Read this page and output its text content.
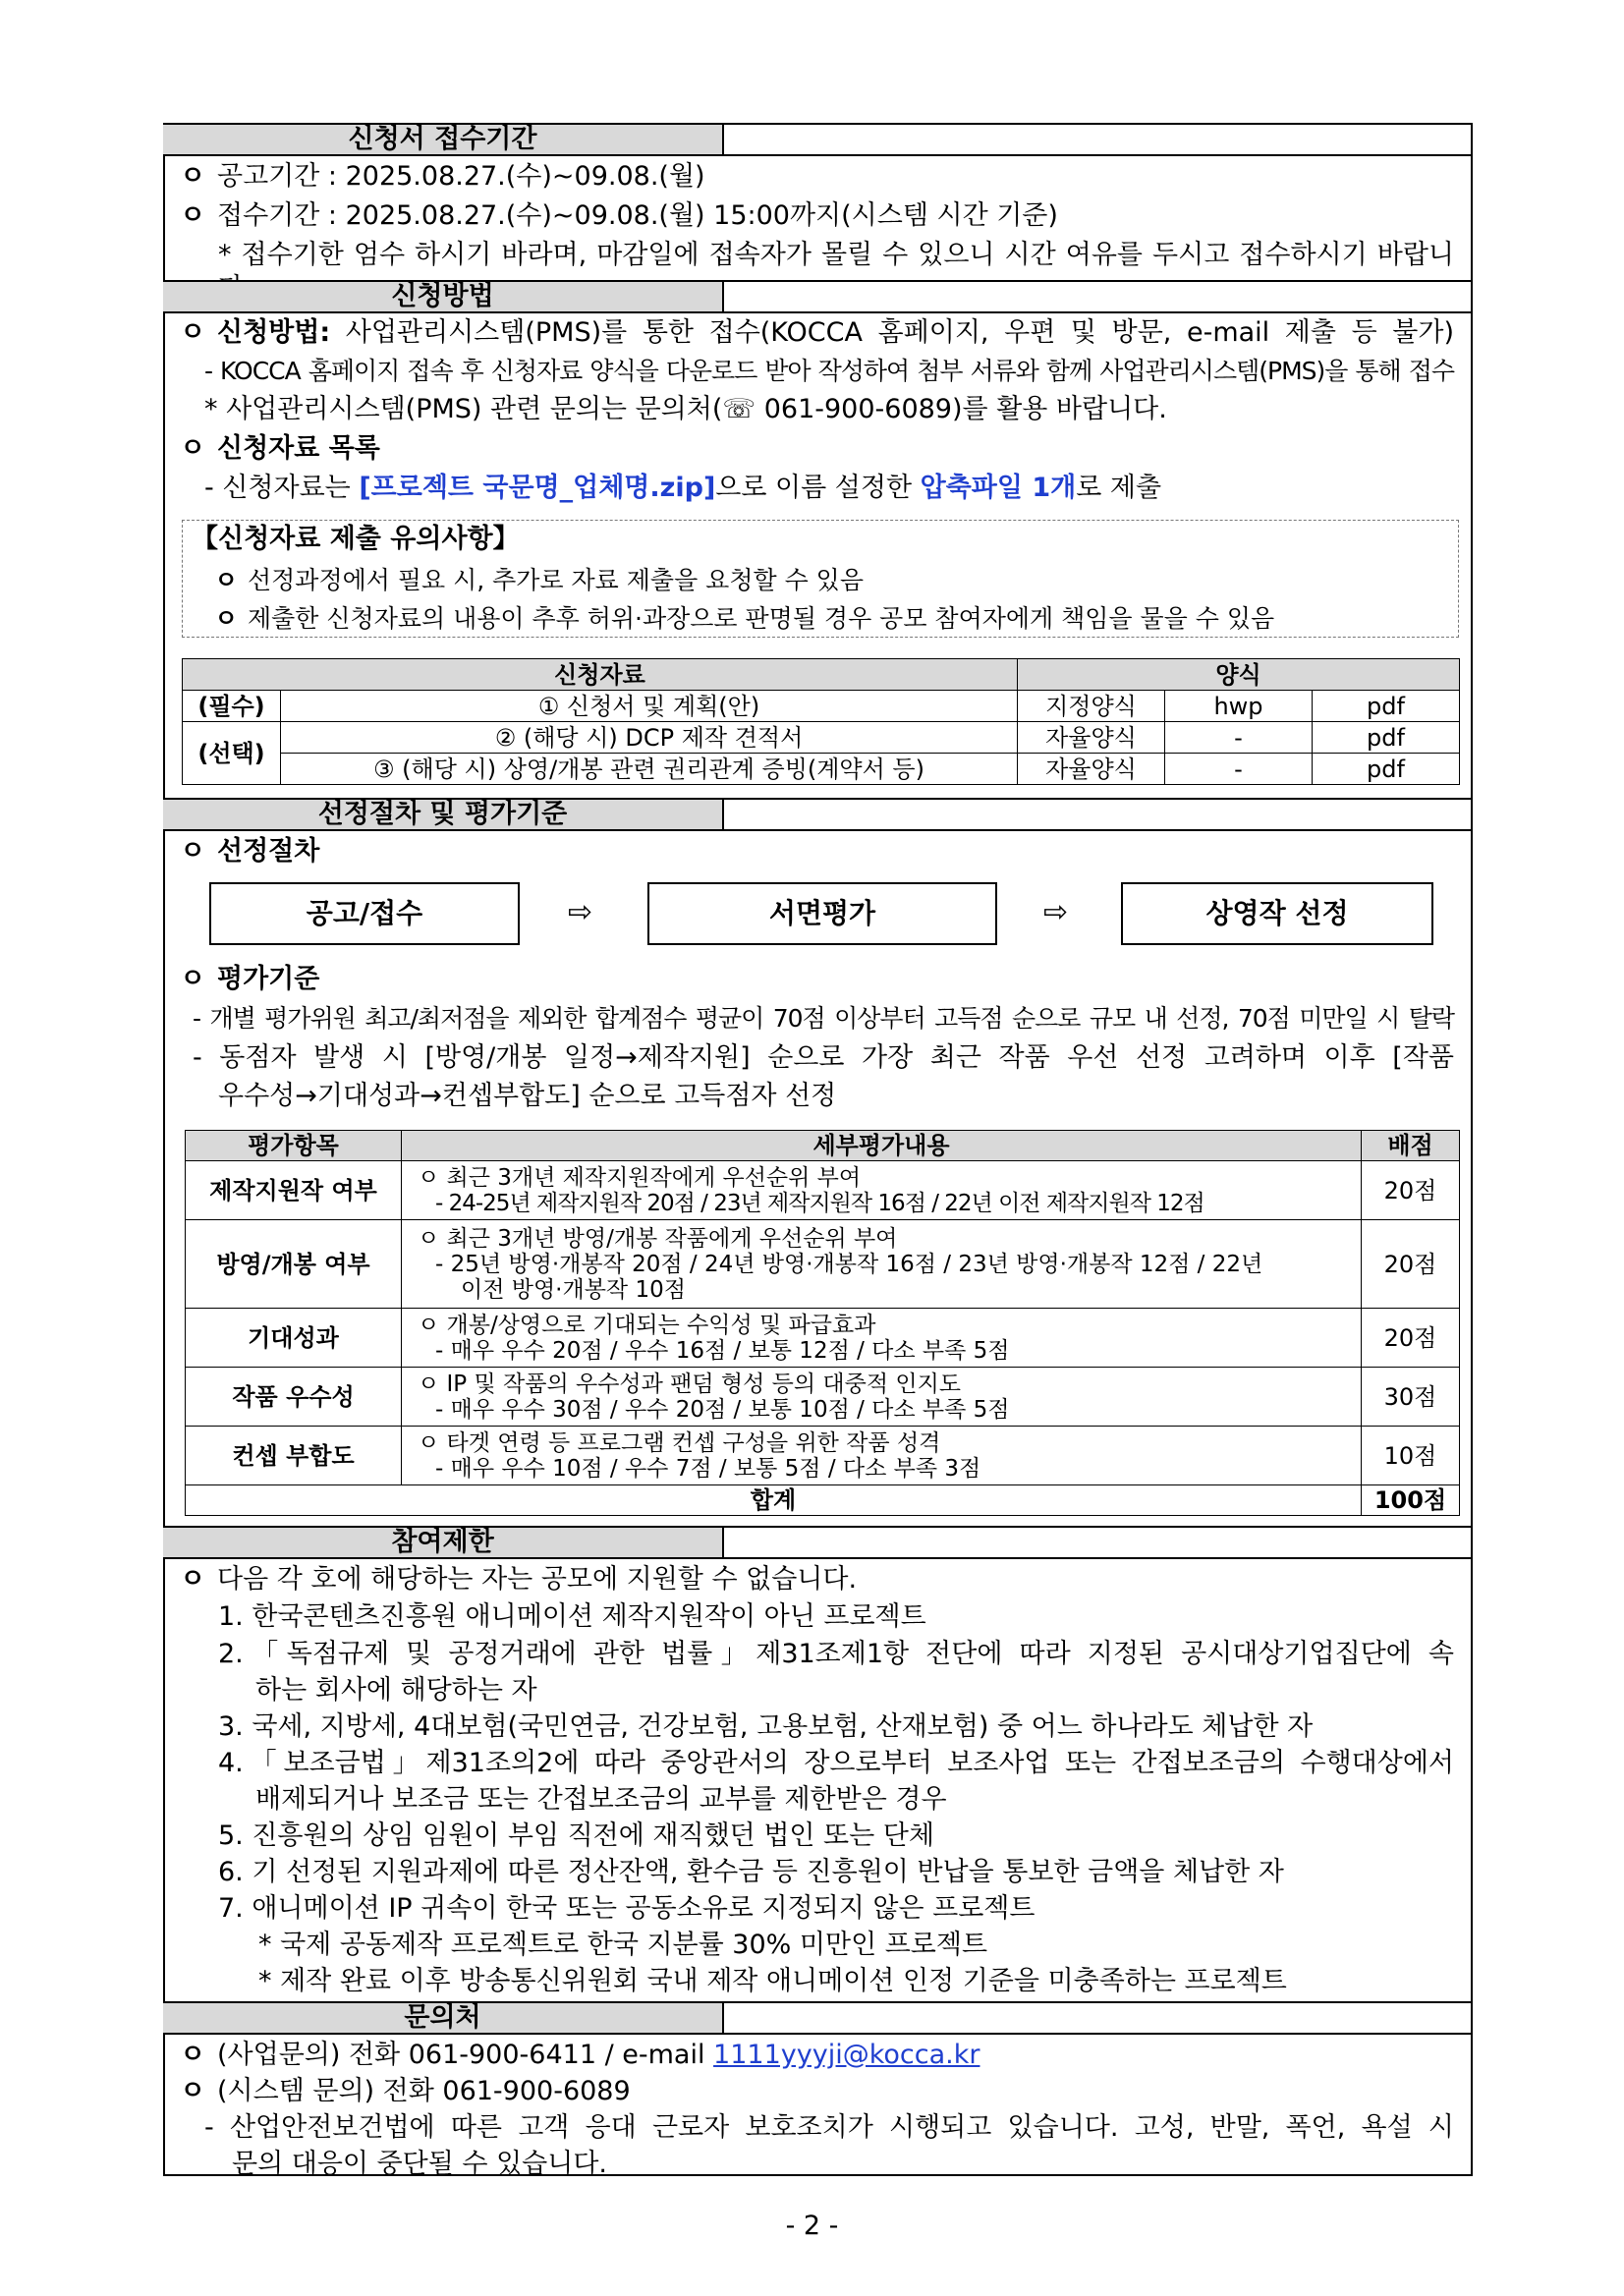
신청서 접수기간
ㅇ 공고기간 : 2025.08.27.(수)~09.08.(월)
ㅇ 접수기간 : 2025.08.27.(수)~09.08.(월) 15:00까지(시스템 시간 기준)
* 접수기한 엄수 하시기 바라며, 마감일에 접속자가 몰릴 수 있으니 시간 여유를 두시고 접수하시기 바랍니
신청방법
ㅇ 신청방법: 사업관리시스템(PMS)를 통한 접수(KOCCA 홈페이지, 우편 및 방문, e-mail 제출 등 불가)
- KOCCA 홈페이지 접속 후 신청자료 양식을 다운로드 받아 작성하여 첨부 서류와 함께 사업관리시스템(PMS)을 통해 접수
* 사업관리시스템(PMS) 관련 문의는 문의처(☏ 061-900-6089)를 활용 바랍니다.
ㅇ 신청자료 목록
- 신청자료는 [프로젝트 국문명_업체명.zip]으로 이름 설정한 압축파일 1개로 제출
【신청자료 제출 유의사항】
ㅇ 선정과정에서 필요 시, 추가로 자료 제출을 요청할 수 있음
ㅇ 제출한 신청자료의 내용이 추후 허위·과장으로 판명될 경우 공모 참여자에게 책임을 물을 수 있음
신청자료		양식		
(필수)	① 신청서 및 계획(안)	지정양식	hwp	pdf
(선택)	② (해당 시) DCP 제작 견적서	자율양식	-	pdf
	③ (해당 시) 상영/개봉 관련 권리관계 증빙(계약서 등)	자율양식	-	pdf
선정절차 및 평가기준
ㅇ 선정절차
공고/접수	⇨	서면평가	⇨	상영작 선정
ㅇ 평가기준
- 개별 평가위원 최고/최저점을 제외한 합계점수 평균이 70점 이상부터 고득점 순으로 규모 내 선정, 70점 미만일 시 탈락
- 동점자 발생 시 [방영/개봉 일정→제작지원] 순으로 가장 최근 작품 우선 선정 고려하며 이후 [작품
우수성→기대성과→컨셉부합도] 순으로 고득점자 선정
평가항목	세부평가내용	배점
제작지원작 여부	ㅇ 최근 3개년 제작지원작에게 우선순위 부여
- 24-25년 제작지원작 20점 / 23년 제작지원작 16점 / 22년 이전 제작지원작 12점	20점
방영/개봉 여부	ㅇ 최근 3개년 방영/개봉 작품에게 우선순위 부여
- 25년 방영·개봉작 20점 / 24년 방영·개봉작 16점 / 23년 방영·개봉작 12점 / 22년
이전 방영·개봉작 10점	20점
기대성과	ㅇ 개봉/상영으로 기대되는 수익성 및 파급효과
- 매우 우수 20점 / 우수 16점 / 보통 12점 / 다소 부족 5점	20점
작품 우수성	ㅇ IP 및 작품의 우수성과 팬덤 형성 등의 대중적 인지도
- 매우 우수 30점 / 우수 20점 / 보통 10점 / 다소 부족 5점	30점
컨셉 부합도	ㅇ 타겟 연령 등 프로그램 컨셉 구성을 위한 작품 성격
- 매우 우수 10점 / 우수 7점 / 보통 5점 / 다소 부족 3점	10점
합계		100점
참여제한
ㅇ 다음 각 호에 해당하는 자는 공모에 지원할 수 없습니다.
1. 한국콘텐츠진흥원 애니메이션 제작지원작이 아닌 프로젝트
2.「독점규제 및 공정거래에 관한 법률」제31조제1항 전단에 따라 지정된 공시대상기업집단에 속
하는 회사에 해당하는 자
3. 국세, 지방세, 4대보험(국민연금, 건강보험, 고용보험, 산재보험) 중 어느 하나라도 체납한 자
4.「보조금법」제31조의2에 따라 중앙관서의 장으로부터 보조사업 또는 간접보조금의 수행대상에서
배제되거나 보조금 또는 간접보조금의 교부를 제한받은 경우
5. 진흥원의 상임 임원이 부임 직전에 재직했던 법인 또는 단체
6. 기 선정된 지원과제에 따른 정산잔액, 환수금 등 진흥원이 반납을 통보한 금액을 체납한 자
7. 애니메이션 IP 귀속이 한국 또는 공동소유로 지정되지 않은 프로젝트
* 국제 공동제작 프로젝트로 한국 지분률 30% 미만인 프로젝트
* 제작 완료 이후 방송통신위원회 국내 제작 애니메이션 인정 기준을 미충족하는 프로젝트
문의처
ㅇ (사업문의) 전화 061-900-6411 / e-mail 1111yyyji@kocca.kr
ㅇ (시스템 문의) 전화 061-900-6089
- 산업안전보건법에 따른 고객 응대 근로자 보호조치가 시행되고 있습니다. 고성, 반말, 폭언, 욕설 시
문의 대응이 중단될 수 있습니다.
- 2 -
